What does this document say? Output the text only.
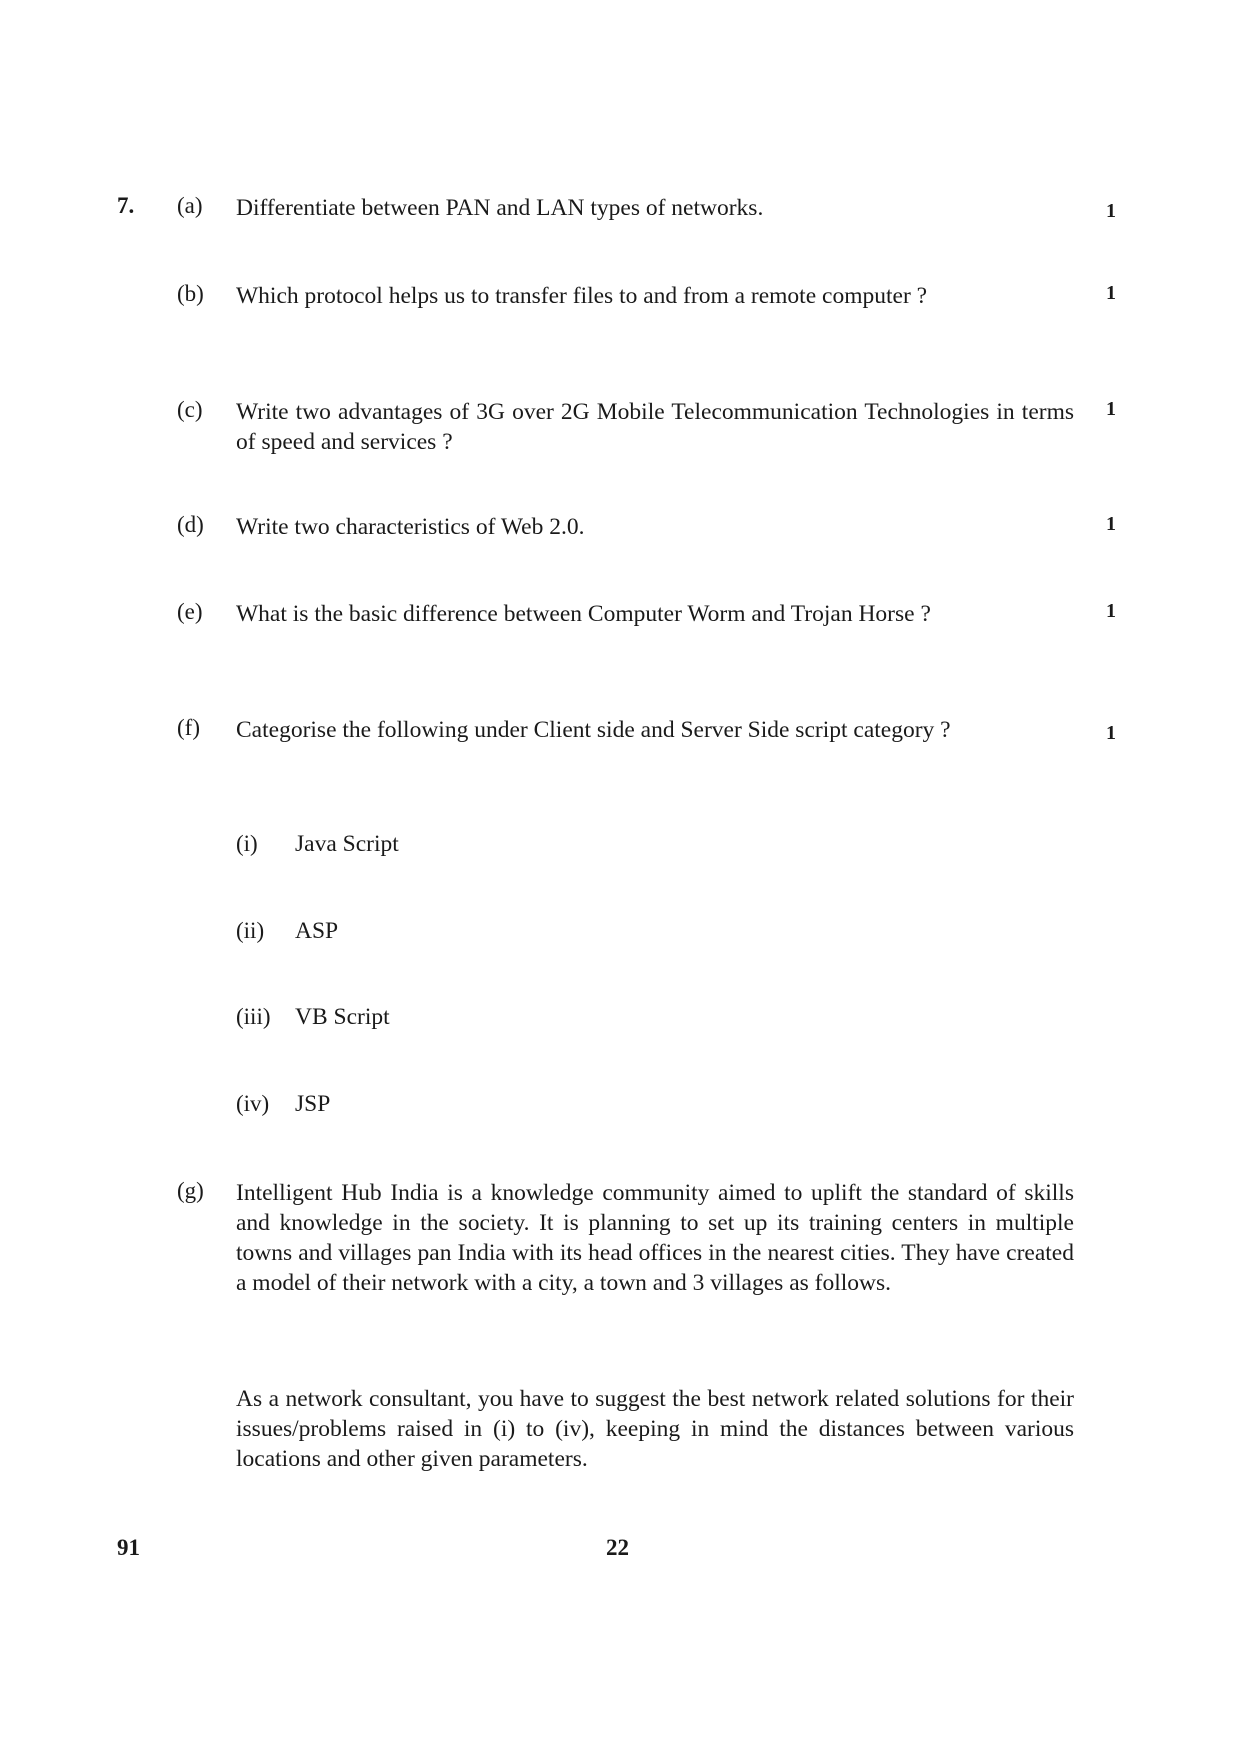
7. (a) Differentiate between PAN and LAN types of networks.	1
(b) Which protocol helps us to transfer files to and from a remote computer ?	1
(c) Write two advantages of 3G over 2G Mobile Telecommunication Technologies in terms of speed and services ?
1
(d) Write two characteristics of Web 2.0.	1
(e) What is the basic difference between Computer Worm and Trojan Horse ?	1
(f) Categorise the following under Client side and Server Side script category ?	1
(i) Java Script
(ii) ASP
(iii) VB Script
(iv) JSP
(g) Intelligent Hub India is a knowledge community aimed to uplift the standard of skills and knowledge in the society. It is planning to set up its training centers in multiple towns and villages pan India with its head offices in the nearest cities. They have created a model of their network with a city, a town and 3 villages as follows.
As a network consultant, you have to suggest the best network related solutions for their issues/problems raised in (i) to (iv), keeping in mind the distances between various locations and other given parameters.
91	22
